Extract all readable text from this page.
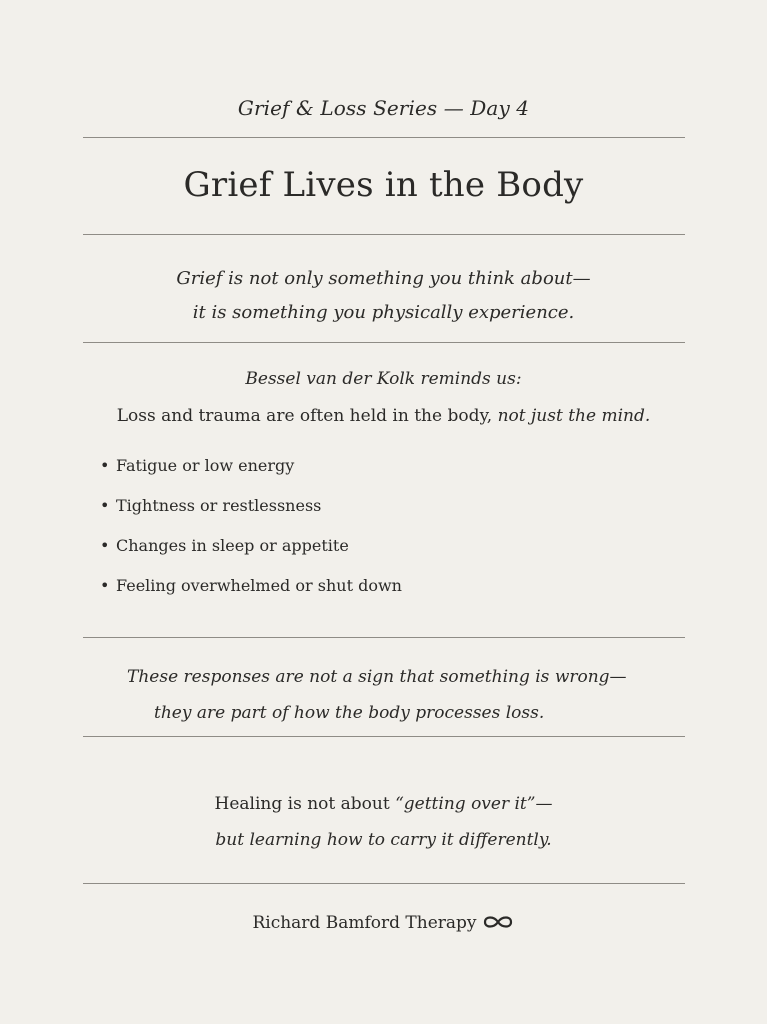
Grief & Loss Series — Day 4
Grief Lives in the Body
Grief is not only something you think about—
it is something you physically experience.
Bessel van der Kolk reminds us:
Loss and trauma are often held in the body, not just the mind.
• Fatigue or low energy
• Tightness or restlessness
• Changes in sleep or appetite
• Feeling overwhelmed or shut down
These responses are not a sign that something is wrong—
they are part of how the body processes loss.
Healing is not about “getting over it”—
but learning how to carry it differently.
Richard Bamford Therapy
